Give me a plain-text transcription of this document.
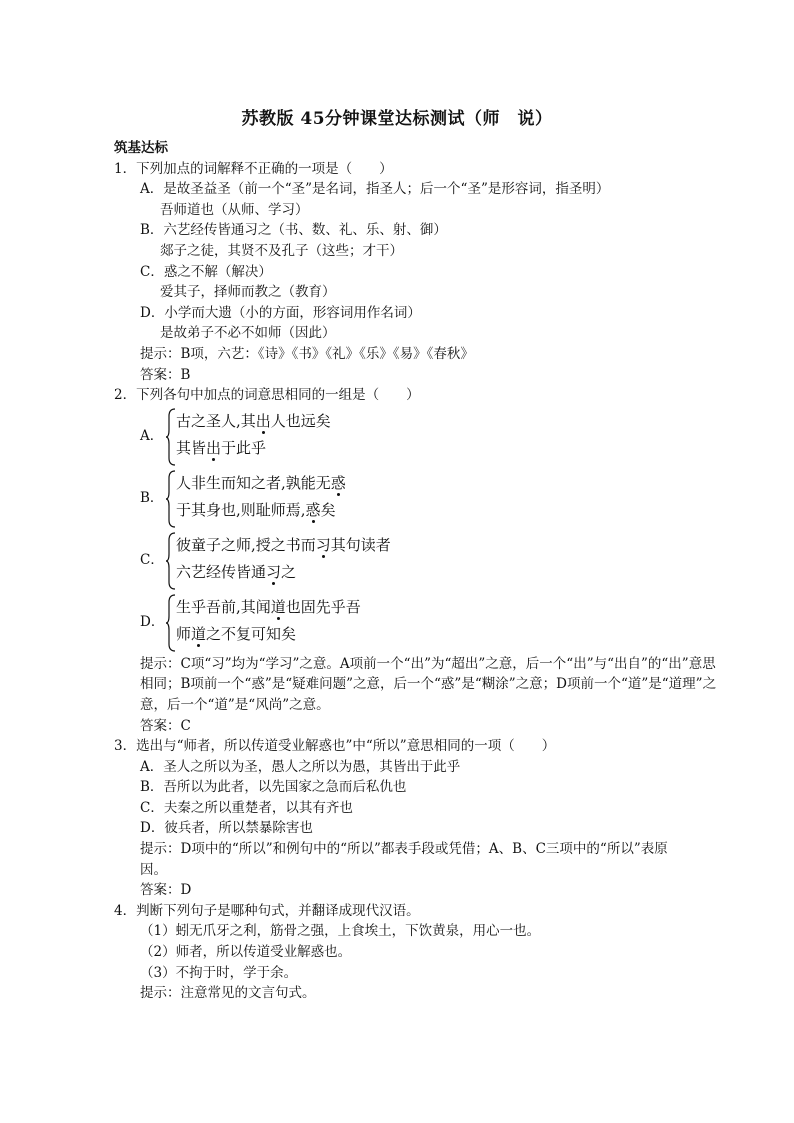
苏教版 45分钟课堂达标测试（师　说）
筑基达标
1．下列加点的词解释不正确的一项是（　　）
A．是故圣益圣（前一个“圣”是名词，指圣人；后一个“圣”是形容词，指圣明）
吾师道也（从师、学习）
B．六艺经传皆通习之（书、数、礼、乐、射、御）
郯子之徒，其贤不及孔子（这些；才干）
C．惑之不解（解决）
爱其子，择师而教之（教育）
D．小学而大遗（小的方面，形容词用作名词）
是故弟子不必不如师（因此）
提示：B项，六艺：《诗》《书》《礼》《乐》《易》《春秋》
答案：B
2．下列各句中加点的词意思相同的一组是（　　）
A．
古之圣人,其出人也远矣
其皆出于此乎
B．
人非生而知之者,孰能无惑
于其身也,则耻师焉,惑矣
C．
彼童子之师,授之书而习其句读者
六艺经传皆通习之
D．
生乎吾前,其闻道也固先乎吾
师道之不复可知矣
提示：C项“习”均为“学习”之意。A项前一个“出”为“超出”之意，后一个“出”与“出自”的“出”意思相同；B项前一个“惑”是“疑难问题”之意，后一个“惑”是“糊涂”之意；D项前一个“道”是“道理”之意，后一个“道”是“风尚”之意。
答案：C
3．选出与“师者，所以传道受业解惑也”中“所以”意思相同的一项（　　）
A．圣人之所以为圣，愚人之所以为愚，其皆出于此乎
B．吾所以为此者，以先国家之急而后私仇也
C．夫秦之所以重楚者，以其有齐也
D．彼兵者，所以禁暴除害也
提示：D项中的“所以”和例句中的“所以”都表手段或凭借；A、B、C三项中的“所以”表原因。
答案：D
4．判断下列句子是哪种句式，并翻译成现代汉语。
（1）蚓无爪牙之利，筋骨之强，上食埃土，下饮黄泉，用心一也。
（2）师者，所以传道受业解惑也。
（3）不拘于时，学于余。
提示：注意常见的文言句式。
